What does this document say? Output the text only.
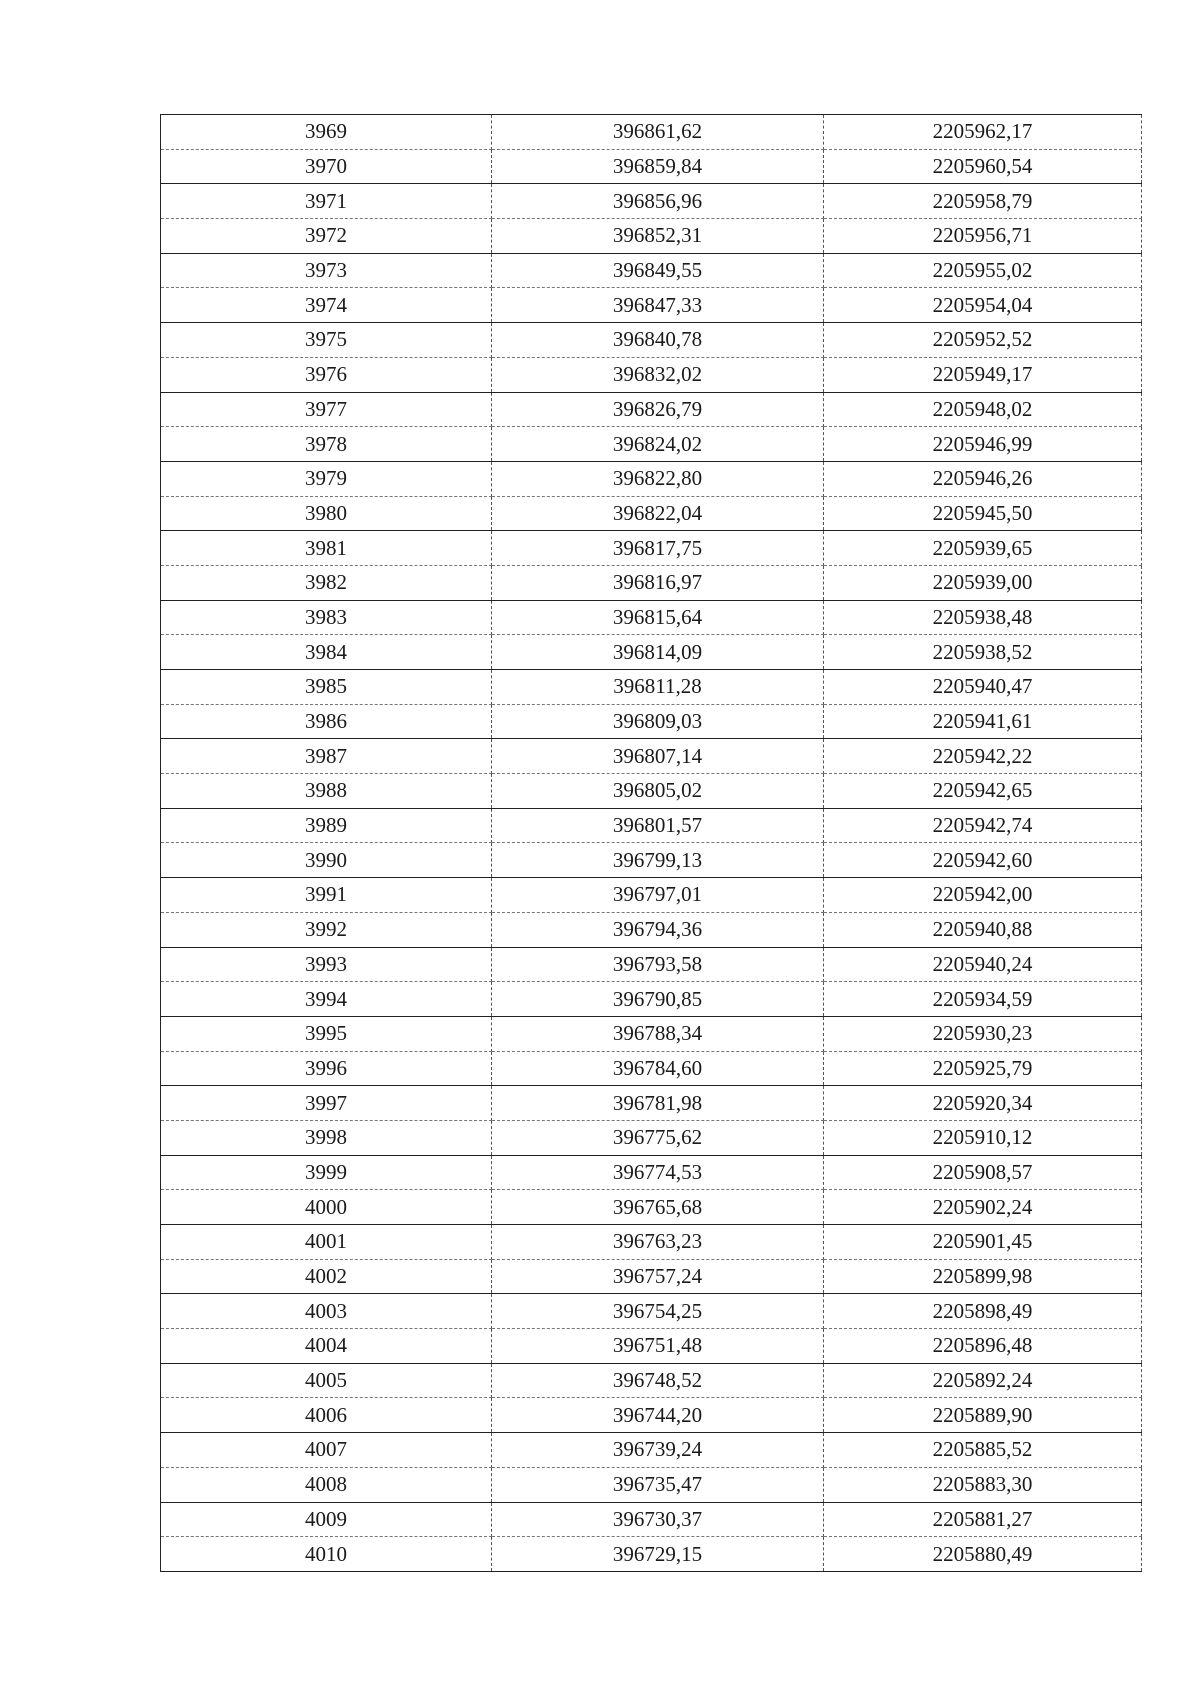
3969	396861,62	2205962,17
3970	396859,84	2205960,54
3971	396856,96	2205958,79
3972	396852,31	2205956,71
3973	396849,55	2205955,02
3974	396847,33	2205954,04
3975	396840,78	2205952,52
3976	396832,02	2205949,17
3977	396826,79	2205948,02
3978	396824,02	2205946,99
3979	396822,80	2205946,26
3980	396822,04	2205945,50
3981	396817,75	2205939,65
3982	396816,97	2205939,00
3983	396815,64	2205938,48
3984	396814,09	2205938,52
3985	396811,28	2205940,47
3986	396809,03	2205941,61
3987	396807,14	2205942,22
3988	396805,02	2205942,65
3989	396801,57	2205942,74
3990	396799,13	2205942,60
3991	396797,01	2205942,00
3992	396794,36	2205940,88
3993	396793,58	2205940,24
3994	396790,85	2205934,59
3995	396788,34	2205930,23
3996	396784,60	2205925,79
3997	396781,98	2205920,34
3998	396775,62	2205910,12
3999	396774,53	2205908,57
4000	396765,68	2205902,24
4001	396763,23	2205901,45
4002	396757,24	2205899,98
4003	396754,25	2205898,49
4004	396751,48	2205896,48
4005	396748,52	2205892,24
4006	396744,20	2205889,90
4007	396739,24	2205885,52
4008	396735,47	2205883,30
4009	396730,37	2205881,27
4010	396729,15	2205880,49
